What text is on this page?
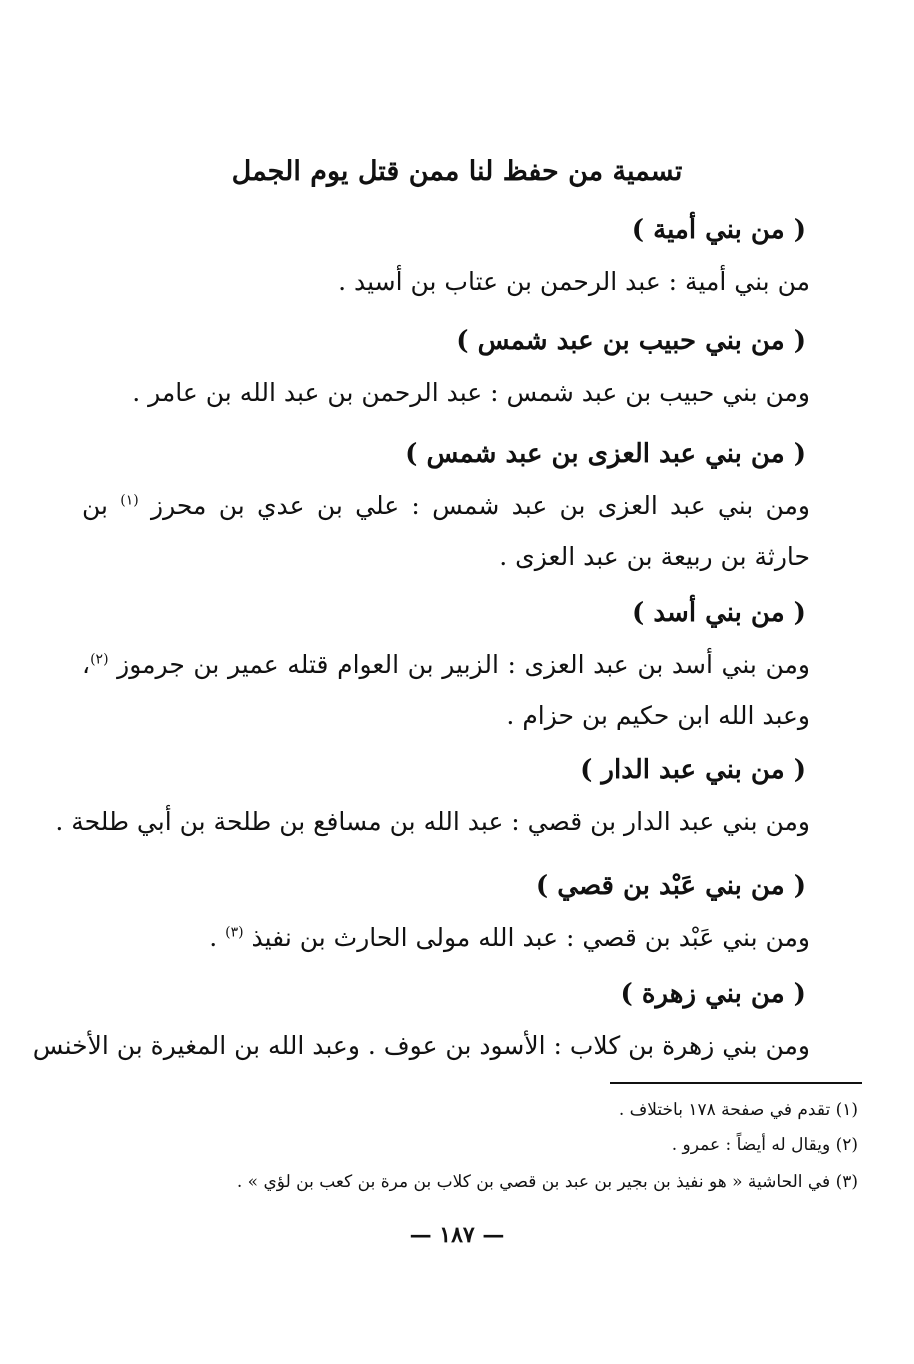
تسمية من حفظ لنا ممن قتل يوم الجمل
( من بني أمية )
من بني أمية : عبد الرحمن بن عتاب بن أسيد .
( من بني حبيب بن عبد شمس )
ومن بني حبيب بن عبد شمس : عبد الرحمن بن عبد الله بن عامر .
( من بني عبد العزى بن عبد شمس )
ومن بني عبد العزى بن عبد شمس : علي بن عدي بن محرز $^{(١)}$ بن حارثة بن ربيعة بن عبد العزى .
( من بني أسد )
ومن بني أسد بن عبد العزى : الزبير بن العوام قتله عمير بن جرموز $^{(٢)}$، وعبد الله ابن حكيم بن حزام .
( من بني عبد الدار )
ومن بني عبد الدار بن قصي : عبد الله بن مسافع بن طلحة بن أبي طلحة .
( من بني عَبْد بن قصي )
ومن بني عَبْد بن قصي : عبد الله مولى الحارث بن نفيذ $^{(٣)}$ .
( من بني زهرة )
ومن بني زهرة بن كلاب : الأسود بن عوف . وعبد الله بن المغيرة بن الأخنس
(١) تقدم في صفحة ١٧٨ باختلاف .
(٢) ويقال له أيضاً : عمرو .
(٣) في الحاشية « هو نفيذ بن بجير بن عبد بن قصي بن كلاب بن مرة بن كعب بن لؤي » .
— ١٨٧ —
